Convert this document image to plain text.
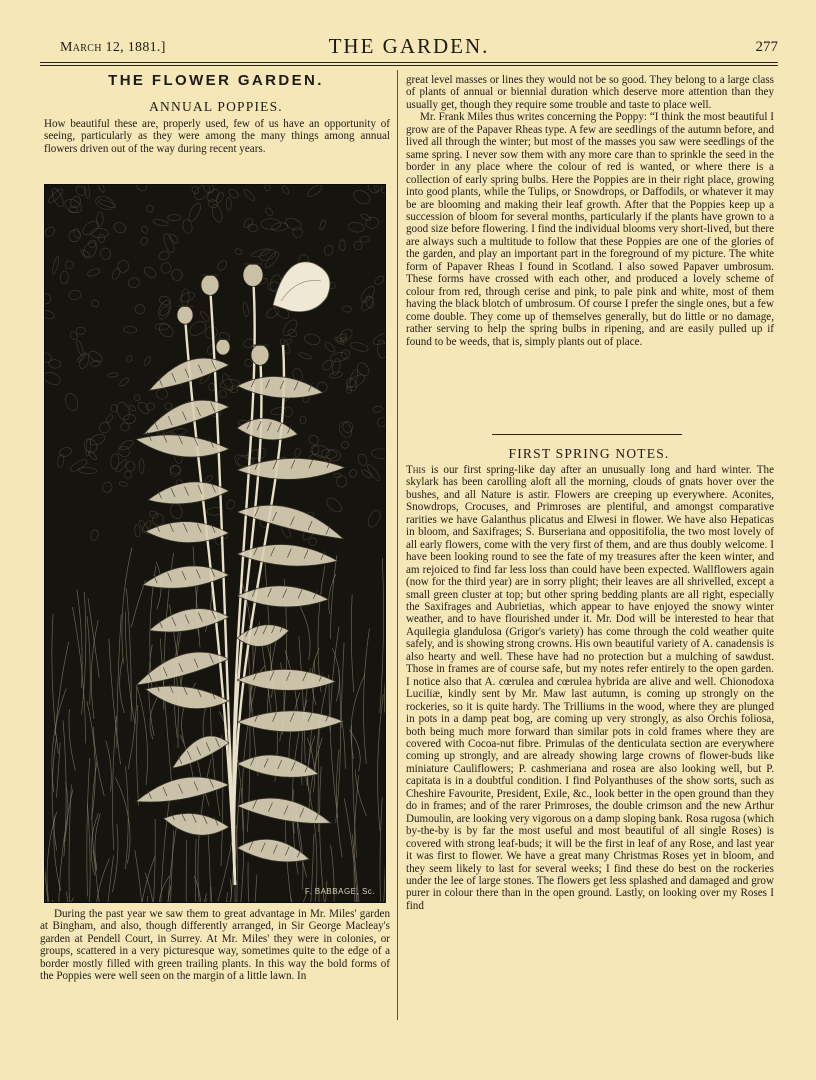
March 12, 1881.]	THE GARDEN.	277
THE FLOWER GARDEN.
ANNUAL POPPIES.

How beautiful these are, properly used, few of us have an opportunity of seeing, particularly as they were among the many things among annual flowers driven out of the way during recent years.

F. BABBAGE, Sc.

During the past year we saw them to great advantage in Mr. Miles' garden at Bingham, and also, though differently arranged, in Sir George Macleay's garden at Pendell Court, in Surrey. At Mr. Miles' they were in colonies, or groups, scattered in a very picturesque way, sometimes quite to the edge of a border mostly filled with green trailing plants. In this way the bold forms of the Poppies were well seen on the margin of a little lawn. In

great level masses or lines they would not be so good. They belong to a large class of plants of annual or biennial duration which deserve more attention than they usually get, though they require some trouble and taste to place well.

Mr. Frank Miles thus writes concerning the Poppy: “I think the most beautiful I grow are of the Papaver Rheas type. A few are seedlings of the autumn before, and lived all through the winter; but most of the masses you saw were seedlings of the same spring. I never sow them with any more care than to sprinkle the seed in the border in any place where the colour of red is wanted, or where there is a collection of early spring bulbs. Here the Poppies are in their right place, growing into good plants, while the Tulips, or Snowdrops, or Daffodils, or whatever it may be are blooming and making their leaf growth. After that the Poppies keep up a succession of bloom for several months, particularly if the plants have grown to a good size before flowering. I find the individual blooms very short-lived, but there are always such a multitude to follow that these Poppies are one of the glories of the garden, and play an important part in the foreground of my picture. The white form of Papaver Rheas I found in Scotland. I also sowed Papaver umbrosum. These forms have crossed with each other, and produced a lovely scheme of colour from red, through cerise and pink, to pale pink and white, most of them having the black blotch of umbrosum. Of course I prefer the single ones, but a few come double. They come up of themselves generally, but do little or no damage, rather serving to help the spring bulbs in ripening, and are easily pulled up if found to be weeds, that is, simply plants out of place.

FIRST SPRING NOTES.

This is our first spring-like day after an unusually long and hard winter. The skylark has been carolling aloft all the morning, clouds of gnats hover over the bushes, and all Nature is astir. Flowers are creeping up everywhere. Aconites, Snowdrops, Crocuses, and Primroses are plentiful, and amongst comparative rarities we have Galanthus plicatus and Elwesi in flower. We have also Hepaticas in bloom, and Saxifrages; S. Burseriana and oppositifolia, the two most lovely of all early flowers, come with the very first of them, and are thus doubly welcome. I have been looking round to see the fate of my treasures after the keen winter, and am rejoiced to find far less loss than could have been expected. Wallflowers again (now for the third year) are in sorry plight; their leaves are all shrivelled, except a small green cluster at top; but other spring bedding plants are all right, especially the Saxifrages and Aubrietias, which appear to have enjoyed the snowy winter weather, and to have flourished under it. Mr. Dod will be interested to hear that Aquilegia glandulosa (Grigor's variety) has come through the cold weather quite safely, and is showing strong crowns. His own beautiful variety of A. canadensis is also hearty and well. These have had no protection but a mulching of sawdust. Those in frames are of course safe, but my notes refer entirely to the open garden. I notice also that A. cœrulea and cœrulea hybrida are alive and well. Chionodoxa Luciliæ, kindly sent by Mr. Maw last autumn, is coming up strongly on the rockeries, so it is quite hardy. The Trilliums in the wood, where they are plunged in pots in a damp peat bog, are coming up very strongly, as also Orchis foliosa, both being much more forward than similar pots in cold frames where they are covered with Cocoa-nut fibre. Primulas of the denticulata section are everywhere coming up strongly, and are already showing large crowns of flower-buds like miniature Cauliflowers; P. cashmeriana and rosea are also looking well, but P. capitata is in a doubtful condition. I find Polyanthuses of the show sorts, such as Cheshire Favourite, President, Exile, &c., look better in the open ground than they do in frames; and of the rarer Primroses, the double crimson and the new Arthur Dumoulin, are looking very vigorous on a damp sloping bank. Rosa rugosa (which by-the-by is by far the most useful and most beautiful of all single Roses) is covered with strong leaf-buds; it will be the first in leaf of any Rose, and last year it was first to flower. We have a great many Christmas Roses yet in bloom, and they seem likely to last for several weeks; I find these do best on the rockeries under the lee of large stones. The flowers get less splashed and damaged and grow purer in colour there than in the open ground. Lastly, on looking over my Roses I find
